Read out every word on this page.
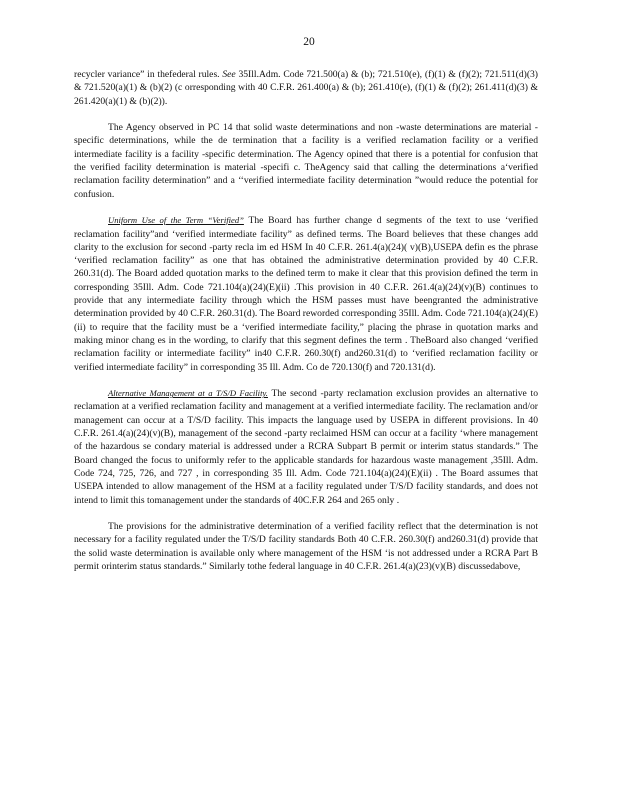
20

recycler variance” in thefederal rules. See 35Ill.Adm. Code 721.500(a) & (b); 721.510(e), (f)(1) & (f)(2); 721.511(d)(3) & 721.520(a)(1) & (b)(2) (c orresponding with 40 C.F.R. 261.400(a) & (b); 261.410(e), (f)(1) & (f)(2); 261.411(d)(3) & 261.420(a)(1) & (b)(2)).

The Agency observed in PC 14 that solid waste determinations and non -waste determinations are material - specific determinations, while the de termination that a facility is a verified reclamation facility or a verified intermediate facility is a facility -specific determination. The Agency opined that there is a potential for confusion that the verified facility determination is material -specifi c. TheAgency said that calling the determinations a‘verified reclamation facility determination” and a ‘‘verified intermediate facility determination ”would reduce the potential for confusion.

Uniform Use of the Term “Verified” The Board has further change d segments of the text to use ‘verified reclamation facility”and ‘verified intermediate facility” as defined terms. The Board believes that these changes add clarity to the exclusion for second -party recla im ed HSM In 40 C.F.R. 261.4(a)(24)( v)(B),USEPA defin es the phrase ‘verified reclamation facility” as one that has obtained the administrative determination provided by 40 C.F.R. 260.31(d). The Board added quotation marks to the defined term to make it clear that this provision defined the term in corresponding 35Ill. Adm. Code 721.104(a)(24)(E)(ii) .This provision in 40 C.F.R. 261.4(a)(24)(v)(B) continues to provide that any intermediate facility through which the HSM passes must have beengranted the administrative determination provided by 40 C.F.R. 260.31(d). The Board reworded corresponding 35Ill. Adm. Code 721.104(a)(24)(E)(ii) to require that the facility must be a ‘verified intermediate facility,” placing the phrase in quotation marks and making minor chang es in the wording, to clarify that this segment defines the term . TheBoard also changed ‘verified reclamation facility or intermediate facility” in40 C.F.R. 260.30(f) and260.31(d) to ‘verified reclamation facility or verified intermediate facility” in corresponding 35 Ill. Adm. Co de 720.130(f) and 720.131(d).

Alternative Management at a T/S/D Facility. The second -party reclamation exclusion provides an alternative to reclamation at a verified reclamation facility and management at a verified intermediate facility. The reclamation and/or management can occur at a T/S/D facility. This impacts the language used by USEPA in different provisions. In 40 C.F.R. 261.4(a)(24)(v)(B), management of the second -party reclaimed HSM can occur at a facility ‘where management of the hazardous se condary material is addressed under a RCRA Subpart B permit or interim status standards.” The Board changed the focus to uniformly refer to the applicable standards for hazardous waste management ,35Ill. Adm. Code 724, 725, 726, and 727 , in corresponding 35 Ill. Adm. Code 721.104(a)(24)(E)(ii) . The Board assumes that USEPA intended to allow management of the HSM at a facility regulated under T/S/D facility standards, and does not intend to limit this tomanagement under the standards of 40C.F.R 264 and 265 only .

The provisions for the administrative determination of a verified facility reflect that the determination is not necessary for a facility regulated under the T/S/D facility standards Both 40 C.F.R. 260.30(f) and260.31(d) provide that the solid waste determination is available only where management of the HSM ‘is not addressed under a RCRA Part B permit orinterim status standards.” Similarly tothe federal language in 40 C.F.R. 261.4(a)(23)(v)(B) discussedabove,
